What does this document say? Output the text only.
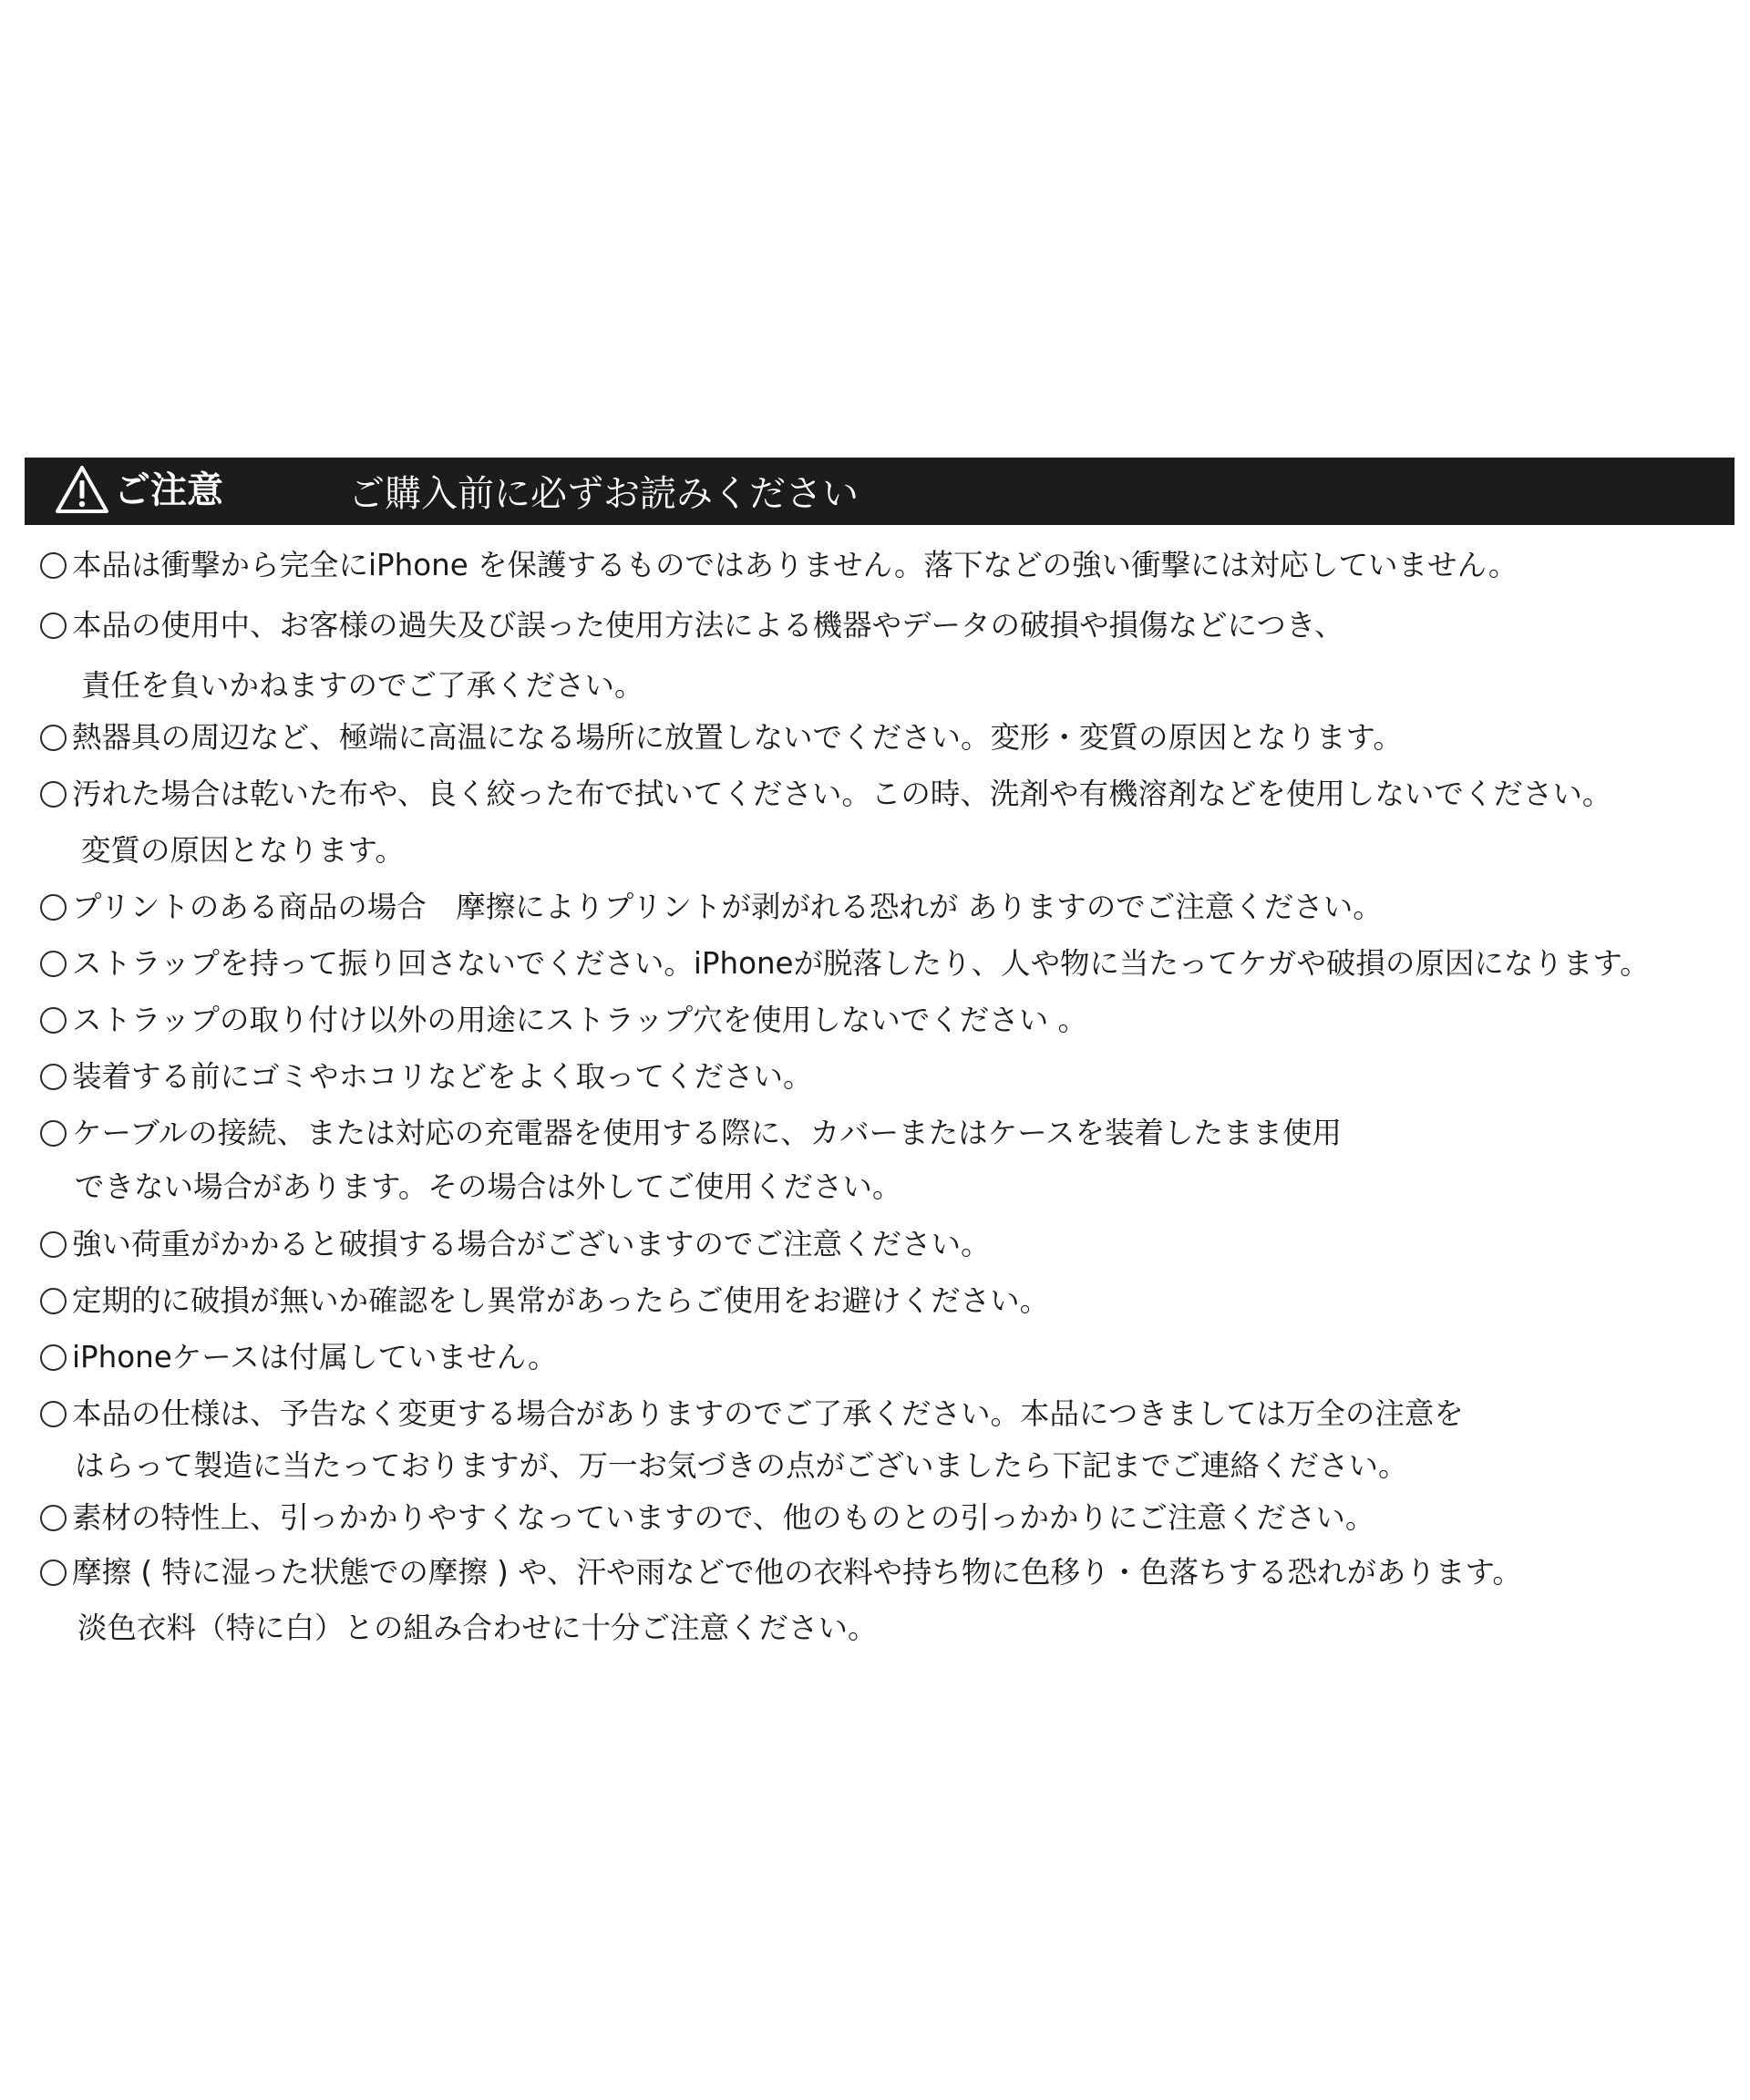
ご注意	ご購入前に必ずお読みください
本品は衝撃から完全にiPhone を保護するものではありません。落下などの強い衝撃には対応していません。
本品の使用中、お客様の過失及び誤った使用方法による機器やデータの破損や損傷などにつき、
責任を負いかねますのでご了承ください。
熱器具の周辺など、極端に高温になる場所に放置しないでください。変形・変質の原因となります。
汚れた場合は乾いた布や、良く絞った布で拭いてください。この時、洗剤や有機溶剤などを使用しないでください。
変質の原因となります。
プリントのある商品の場合　摩擦によりプリントが剥がれる恐れが ありますのでご注意ください。
ストラップを持って振り回さないでください。iPhoneが脱落したり、人や物に当たってケガや破損の原因になります。
ストラップの取り付け以外の用途にストラップ穴を使用しないでください 。
装着する前にゴミやホコリなどをよく取ってください。
ケーブルの接続、または対応の充電器を使用する際に、カバーまたはケースを装着したまま使用
できない場合があります。その場合は外してご使用ください。
強い荷重がかかると破損する場合がございますのでご注意ください。
定期的に破損が無いか確認をし異常があったらご使用をお避けください。
iPhoneケースは付属していません。
本品の仕様は、予告なく変更する場合がありますのでご了承ください。本品につきましては万全の注意を
はらって製造に当たっておりますが、万一お気づきの点がございましたら下記までご連絡ください。
素材の特性上、引っかかりやすくなっていますので、他のものとの引っかかりにご注意ください。
摩擦 ( 特に湿った状態での摩擦 ) や、汗や雨などで他の衣料や持ち物に色移り・色落ちする恐れがあります。
淡色衣料（特に白）との組み合わせに十分ご注意ください。
